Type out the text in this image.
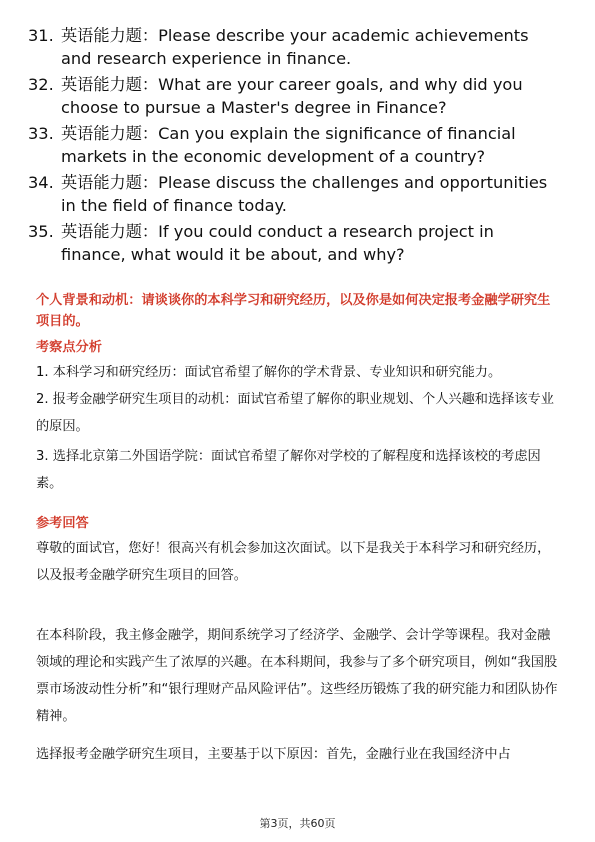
31. 英语能力题：Please describe your academic achievements and research experience in finance.
32. 英语能力题：What are your career goals, and why did you choose to pursue a Master's degree in Finance?
33. 英语能力题：Can you explain the significance of financial markets in the economic development of a country?
34. 英语能力题：Please discuss the challenges and opportunities in the field of finance today.
35. 英语能力题：If you could conduct a research project in finance, what would it be about, and why?
个人背景和动机：请谈谈你的本科学习和研究经历，以及你是如何决定报考金融学研究生项目的。
考察点分析
1. 本科学习和研究经历：面试官希望了解你的学术背景、专业知识和研究能力。
2. 报考金融学研究生项目的动机：面试官希望了解你的职业规划、个人兴趣和选择该专业的原因。
3. 选择北京第二外国语学院：面试官希望了解你对学校的了解程度和选择该校的考虑因素。
参考回答
尊敬的面试官，您好！很高兴有机会参加这次面试。以下是我关于本科学习和研究经历，以及报考金融学研究生项目的回答。
在本科阶段，我主修金融学，期间系统学习了经济学、金融学、会计学等课程。我对金融领域的理论和实践产生了浓厚的兴趣。在本科期间，我参与了多个研究项目，例如“我国股票市场波动性分析”和“银行理财产品风险评估”。这些经历锻炼了我的研究能力和团队协作精神。
选择报考金融学研究生项目，主要基于以下原因：首先，金融行业在我国经济中占
第3页，共60页
